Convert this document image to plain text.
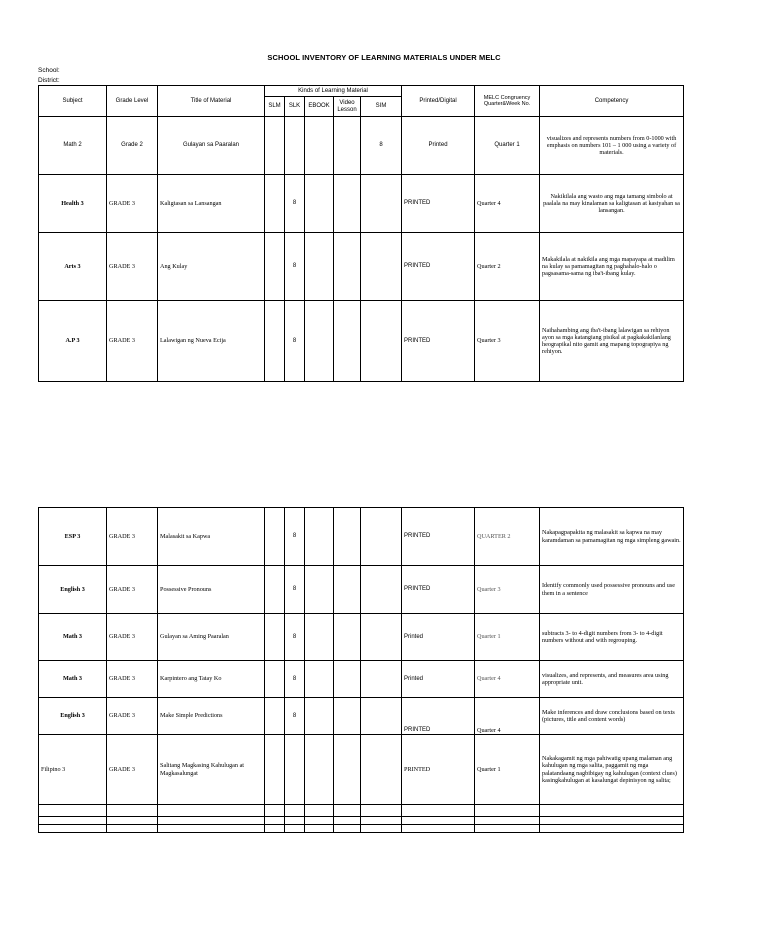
SCHOOL INVENTORY OF LEARNING MATERIALS UNDER MELC
School:
District:
Subject	Grade Level	Title of Material	Kinds of Learning Material					Printed/Digital	MELC Congruency Quarter&Week No.	Competency
			SLM	SLK	EBOOK	Video Lesson	SIM			
Math 2	Grade 2	Gulayan sa Paaralan					8	Printed	Quarter 1	visualizes and represents numbers from 0-1000 with emphasis on numbers 101 – 1 000 using a variety of materials.
Health 3	GRADE 3	Kaligtasan sa Lansangan		8				PRINTED	Quarter 4	Nakikilala ang wasto ang mga tamang simbolo at paalala na may kinalaman sa kaligtasan at kasiyahan sa lansangan.
Arts 3	GRADE 3	Ang Kulay		8				PRINTED	Quarter 2	Makakilala at nakikila ang mga mapayapa at madilim na kulay sa pamamagitan ng paghahalo-halo o pagsasama-sama ng iba't-ibang kulay.
A.P 3	GRADE 3	Lalawigan ng Nueva Ecija		8				PRINTED	Quarter 3	Naihahambing ang iba't-ibang lalawigan sa rehiyon ayon sa mga katangiang pisikal at pagkakakilanlang heograpikal nito gamit ang mapang topograpiya ng rehiyon.
ESP 3	GRADE 3	Malasakit sa Kapwa		8				PRINTED	QUARTER 2	Nakapagpapakita ng malasakit sa kapwa na may karamdaman sa pamamagitan ng mga simpleng gawain.
English 3	GRADE 3	Possessive Pronouns		8				PRINTED	Quarter 3	Identify commonly used possessive pronouns and use them in a sentence
Math 3	GRADE 3	Gulayan sa Aming Paaralan		8				Printed	Quarter 1	subtracts 3- to 4-digit numbers from 3- to 4-digit numbers without and with regrouping.
Math 3	GRADE 3	Karpintero ang Tatay Ko		8				Printed	Quarter 4	visualizes, and represents, and measures area using appropriate unit.
English 3	GRADE 3	Make Simple Predictions		8				PRINTED	Quarter 4	Make inferences and draw conclusions based on texts (pictures, title and content words)
Filipino 3	GRADE 3	Salitang Magkasing Kahulugan at Magkasalungat						PRINTED	Quarter 1	Nakakagamit ng mga pahiwatig upang malaman ang kahulugan ng mga salita, paggamit ng mga palatandaang nagbibigay ng kahulugan (context clues) kasingkahulugan at kasalungat depinisyon ng salita;
